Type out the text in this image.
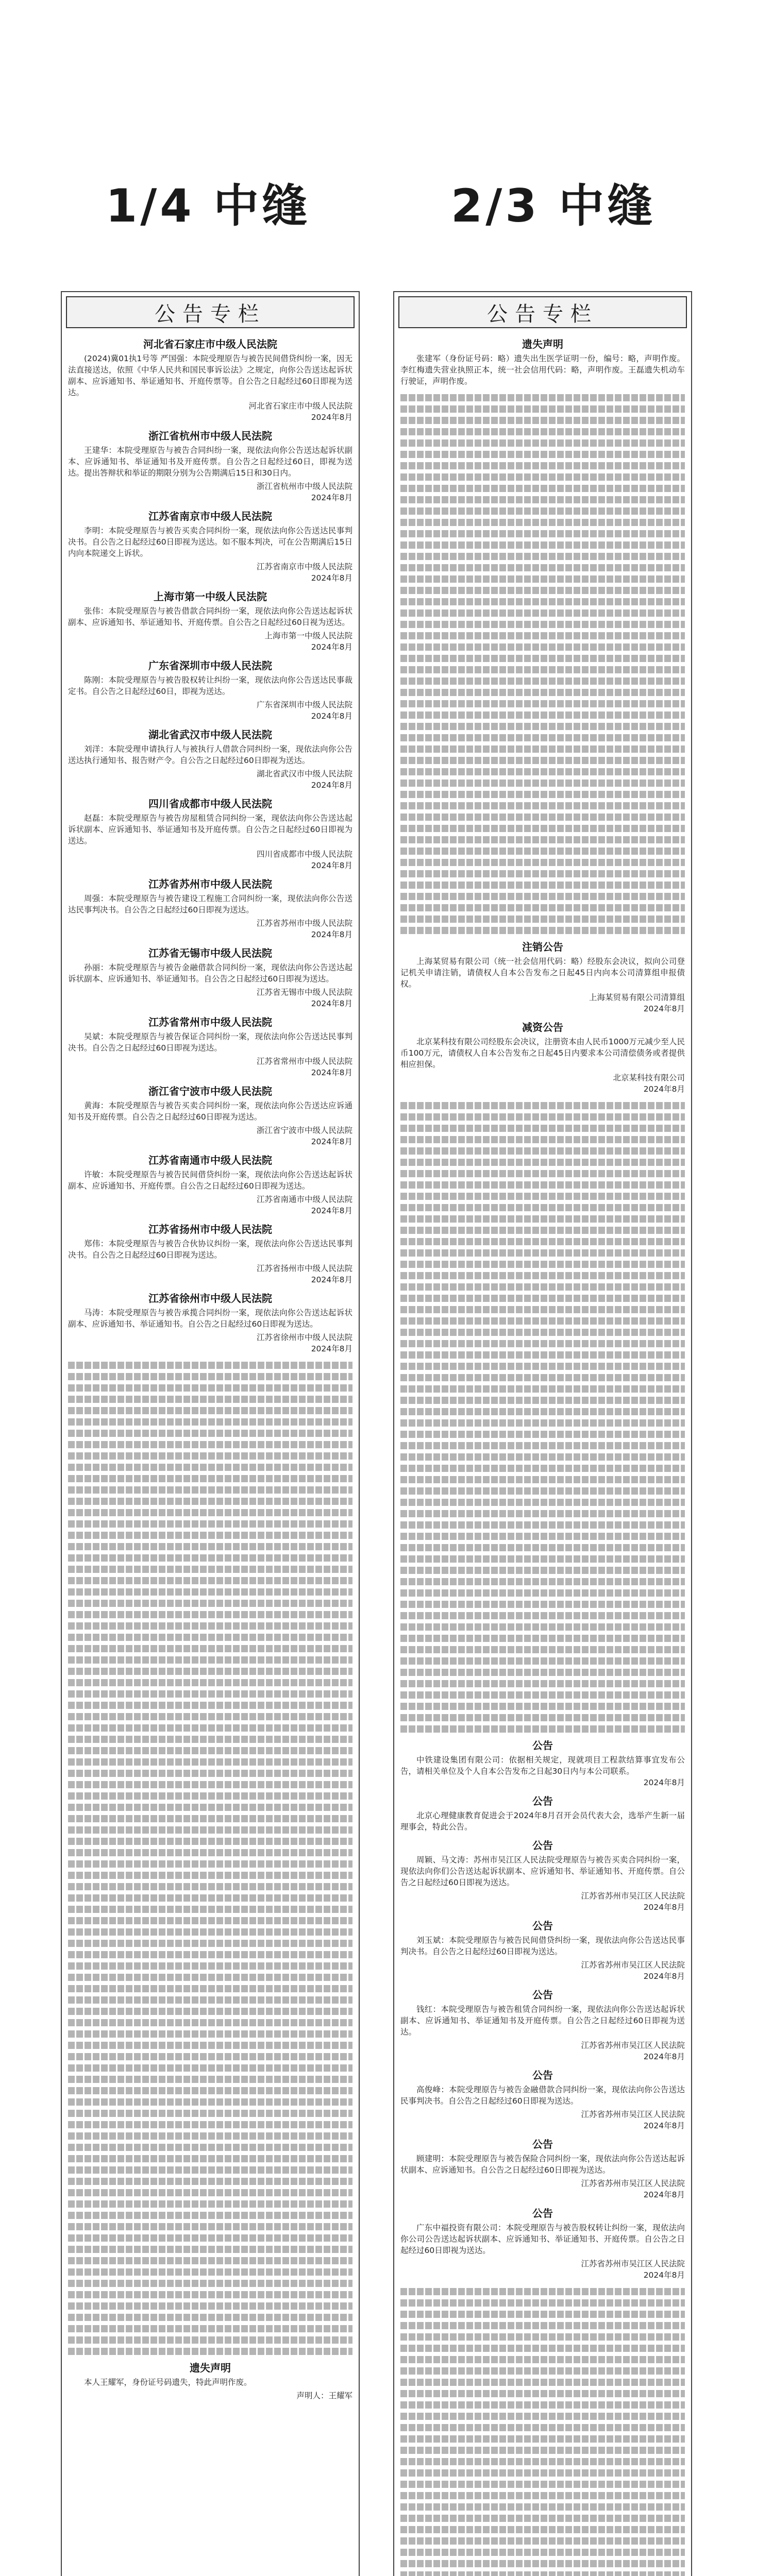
1/4 中缝	2/3 中缝
公告专栏
河北省石家庄市中级人民法院
(2024)冀01执1号等 严国强：本院受理原告与被告民间借贷纠纷一案，因无法直接送达，依照《中华人民共和国民事诉讼法》之规定，向你公告送达起诉状副本、应诉通知书、举证通知书、开庭传票等。自公告之日起经过60日即视为送达。
河北省石家庄市中级人民法院
2024年8月
浙江省杭州市中级人民法院
王建华：本院受理原告与被告合同纠纷一案，现依法向你公告送达起诉状副本、应诉通知书、举证通知书及开庭传票。自公告之日起经过60日，即视为送达。提出答辩状和举证的期限分别为公告期满后15日和30日内。
浙江省杭州市中级人民法院
2024年8月
江苏省南京市中级人民法院
李明：本院受理原告与被告买卖合同纠纷一案，现依法向你公告送达民事判决书。自公告之日起经过60日即视为送达。如不服本判决，可在公告期满后15日内向本院递交上诉状。
江苏省南京市中级人民法院
2024年8月
上海市第一中级人民法院
张伟：本院受理原告与被告借款合同纠纷一案，现依法向你公告送达起诉状副本、应诉通知书、举证通知书、开庭传票。自公告之日起经过60日视为送达。
上海市第一中级人民法院
2024年8月
广东省深圳市中级人民法院
陈刚：本院受理原告与被告股权转让纠纷一案，现依法向你公告送达民事裁定书。自公告之日起经过60日，即视为送达。
广东省深圳市中级人民法院
2024年8月
湖北省武汉市中级人民法院
刘洋：本院受理申请执行人与被执行人借款合同纠纷一案，现依法向你公告送达执行通知书、报告财产令。自公告之日起经过60日即视为送达。
湖北省武汉市中级人民法院
2024年8月
四川省成都市中级人民法院
赵磊：本院受理原告与被告房屋租赁合同纠纷一案，现依法向你公告送达起诉状副本、应诉通知书、举证通知书及开庭传票。自公告之日起经过60日即视为送达。
四川省成都市中级人民法院
2024年8月
江苏省苏州市中级人民法院
周强：本院受理原告与被告建设工程施工合同纠纷一案，现依法向你公告送达民事判决书。自公告之日起经过60日即视为送达。
江苏省苏州市中级人民法院
2024年8月
江苏省无锡市中级人民法院
孙丽：本院受理原告与被告金融借款合同纠纷一案，现依法向你公告送达起诉状副本、应诉通知书、举证通知书。自公告之日起经过60日即视为送达。
江苏省无锡市中级人民法院
2024年8月
江苏省常州市中级人民法院
吴斌：本院受理原告与被告保证合同纠纷一案，现依法向你公告送达民事判决书。自公告之日起经过60日即视为送达。
江苏省常州市中级人民法院
2024年8月
浙江省宁波市中级人民法院
黄海：本院受理原告与被告买卖合同纠纷一案，现依法向你公告送达应诉通知书及开庭传票。自公告之日起经过60日即视为送达。
浙江省宁波市中级人民法院
2024年8月
江苏省南通市中级人民法院
许敏：本院受理原告与被告民间借贷纠纷一案，现依法向你公告送达起诉状副本、应诉通知书、开庭传票。自公告之日起经过60日即视为送达。
江苏省南通市中级人民法院
2024年8月
江苏省扬州市中级人民法院
郑伟：本院受理原告与被告合伙协议纠纷一案，现依法向你公告送达民事判决书。自公告之日起经过60日即视为送达。
江苏省扬州市中级人民法院
2024年8月
江苏省徐州市中级人民法院
马涛：本院受理原告与被告承揽合同纠纷一案，现依法向你公告送达起诉状副本、应诉通知书、举证通知书。自公告之日起经过60日即视为送达。
江苏省徐州市中级人民法院
2024年8月
遗失声明
本人王耀军，身份证号码遗失，特此声明作废。
声明人：王耀军
公告专栏
遗失声明
张建军（身份证号码：略）遗失出生医学证明一份，编号：略，声明作废。李红梅遗失营业执照正本，统一社会信用代码：略，声明作废。王磊遗失机动车行驶证，声明作废。
注销公告
上海某贸易有限公司（统一社会信用代码：略）经股东会决议，拟向公司登记机关申请注销，请债权人自本公告发布之日起45日内向本公司清算组申报债权。
上海某贸易有限公司清算组
2024年8月
减资公告
北京某科技有限公司经股东会决议，注册资本由人民币1000万元减少至人民币100万元，请债权人自本公告发布之日起45日内要求本公司清偿债务或者提供相应担保。
北京某科技有限公司
2024年8月
公告
中铁建设集团有限公司：依据相关规定，现就项目工程款结算事宜发布公告，请相关单位及个人自本公告发布之日起30日内与本公司联系。
2024年8月
公告
北京心理健康教育促进会于2024年8月召开会员代表大会，选举产生新一届理事会，特此公告。
公告
周颖、马文涛：苏州市吴江区人民法院受理原告与被告买卖合同纠纷一案，现依法向你们公告送达起诉状副本、应诉通知书、举证通知书、开庭传票。自公告之日起经过60日即视为送达。
江苏省苏州市吴江区人民法院
2024年8月
公告
刘玉斌：本院受理原告与被告民间借贷纠纷一案，现依法向你公告送达民事判决书。自公告之日起经过60日即视为送达。
江苏省苏州市吴江区人民法院
2024年8月
公告
钱红：本院受理原告与被告租赁合同纠纷一案，现依法向你公告送达起诉状副本、应诉通知书、举证通知书及开庭传票。自公告之日起经过60日即视为送达。
江苏省苏州市吴江区人民法院
2024年8月
公告
高俊峰：本院受理原告与被告金融借款合同纠纷一案，现依法向你公告送达民事判决书。自公告之日起经过60日即视为送达。
江苏省苏州市吴江区人民法院
2024年8月
公告
顾建明：本院受理原告与被告保险合同纠纷一案，现依法向你公告送达起诉状副本、应诉通知书。自公告之日起经过60日即视为送达。
江苏省苏州市吴江区人民法院
2024年8月
公告
广东中福投资有限公司：本院受理原告与被告股权转让纠纷一案，现依法向你公司公告送达起诉状副本、应诉通知书、举证通知书、开庭传票。自公告之日起经过60日即视为送达。
江苏省苏州市吴江区人民法院
2024年8月
